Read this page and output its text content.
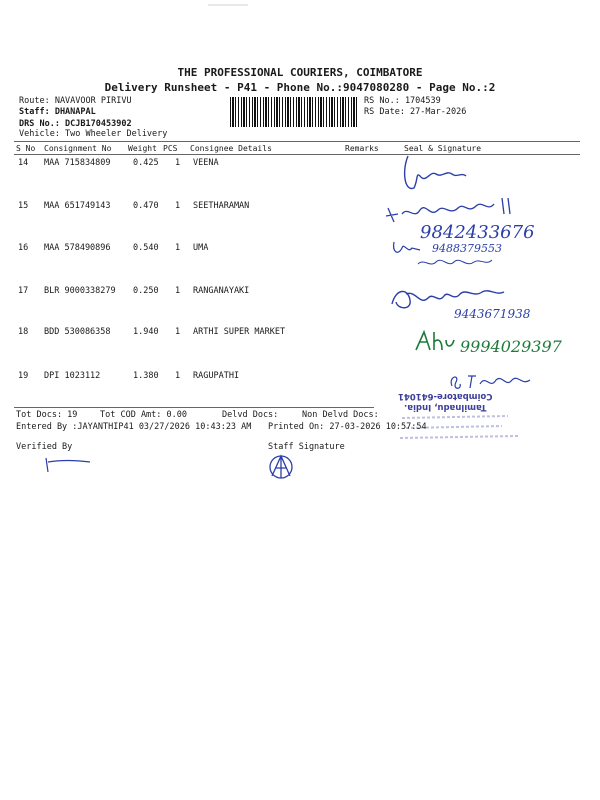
THE PROFESSIONAL COURIERS, COIMBATORE
Delivery Runsheet - P41 - Phone No.:9047080280 - Page No.:2
Route: NAVAVOOR PIRIVU
Staff: DHANAPAL
DRS No.: DCJB170453902
Vehicle: Two Wheeler Delivery
RS No.: 1704539
RS Date: 27-Mar-2026
S No Consignment No Weight PCS Consignee Details	Remarks	Seal & Signature
14 MAA 715834809	0.425 1 VEENA
15 MAA 651749143	0.470 1 SEETHARAMAN
16 MAA 578490896	0.540 1 UMA
17 BLR 9000338279 0.250 1 RANGANAYAKI
18 BDD 530086358	1.940 1 ARTHI SUPER MARKET
19 DPI 1023112	1.380 1 RAGUPATHI
9842433676
9488379553
9443671938
9994029397
Tamilnadu, India.
Coimbatore-641041
Tot Docs: 19	Tot COD Amt: 0.00	Delvd Docs:	Non Delvd Docs:
Entered By :JAYANTHIP41 03/27/2026 10:43:23 AM Printed On: 27-03-2026 10:57:54
Verified By	Staff Signature
